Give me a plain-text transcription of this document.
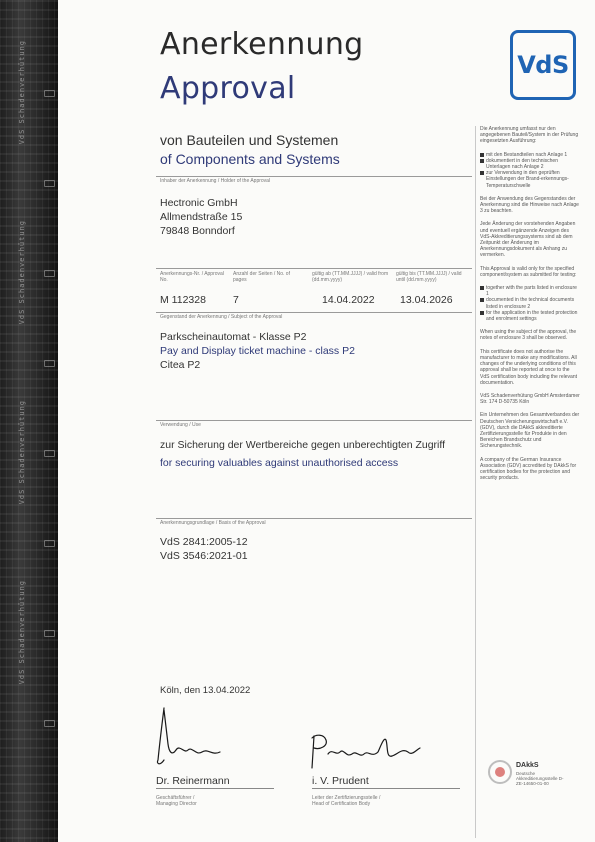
VdS Schadenverhütung
VdS Schadenverhütung
VdS Schadenverhütung
VdS Schadenverhütung
Anerkennung
Approval
VdS
von Bauteilen und Systemen
of Components and Systems
Inhaber der Anerkennung / Holder of the Approval
Hectronic GmbH
Allmendstraße 15
79848 Bonndorf
Anerkennungs-Nr. / Approval No.
Anzahl der Seiten / No. of pages
gültig ab (TT.MM.JJJJ) / valid from (dd.mm.yyyy)
gültig bis (TT.MM.JJJJ) / valid until (dd.mm.yyyy)
M 112328	7	14.04.2022 13.04.2026
Gegenstand der Anerkennung / Subject of the Approval
Parkscheinautomat - Klasse P2
Pay and Display ticket machine - class P2
Citea P2
Verwendung / Use
zur Sicherung der Wertbereiche gegen unberechtigten Zugriff
for securing valuables against unauthorised access
Anerkennungsgrundlage / Basis of the Approval
VdS 2841:2005-12
VdS 3546:2021-01
Köln, den 13.04.2022
Dr. Reinermann
Geschäftsführer /
Managing Director
i. V. Prudent
Leiter der Zertifizierungsstelle /
Head of Certification Body
Die Anerkennung umfasst nur den angegebenen Bauteil/System in der Prüfung eingesetzten Ausführung:
mit den Bestandteilen nach Anlage 1
dokumentiert in den technischen Unterlagen nach Anlage 2
zur Verwendung in den geprüften Einstellungen der Brand-erkennungs-Temperaturschwelle
Bei der Anwendung des Gegenstandes der Anerkennung sind die Hinweise nach Anlage 3 zu beachten.
Jede Änderung der vorstehenden Angaben und eventuell ergänzende Anzeigen des VdS-Akkreditierungssystems sind ab dem Zeitpunkt der Änderung im Anerkennungsdokument als Anhang zu vermerken.
This Approval is valid only for the specified component/system as submitted for testing:
together with the parts listed in enclosure 1
documented in the technical documents listed in enclosure 2
for the application in the tested protection and enrolment settings
When using the subject of the approval, the notes of enclosure 3 shall be observed.
This certificate does not authorise the manufacturer to make any modifications. All changes of the underlying conditions of this approval shall be reported at once to the VdS certification body including the relevant documentation.
VdS Schadenverhütung GmbH Amsterdamer Str. 174 D-50735 Köln
Ein Unternehmen des Gesamtverbandes der Deutschen Versicherungswirtschaft e.V. (GDV), durch die DAkkS akkreditierte Zertifizierungsstelle für Produkte in den Bereichen Brandschutz und Sicherungstechnik.
A company of the German Insurance Association (GDV) accredited by DAkkS for certification bodies for the protection and security products.
DAkkS
Deutsche Akkreditierungsstelle D-ZE-14650-01-00
